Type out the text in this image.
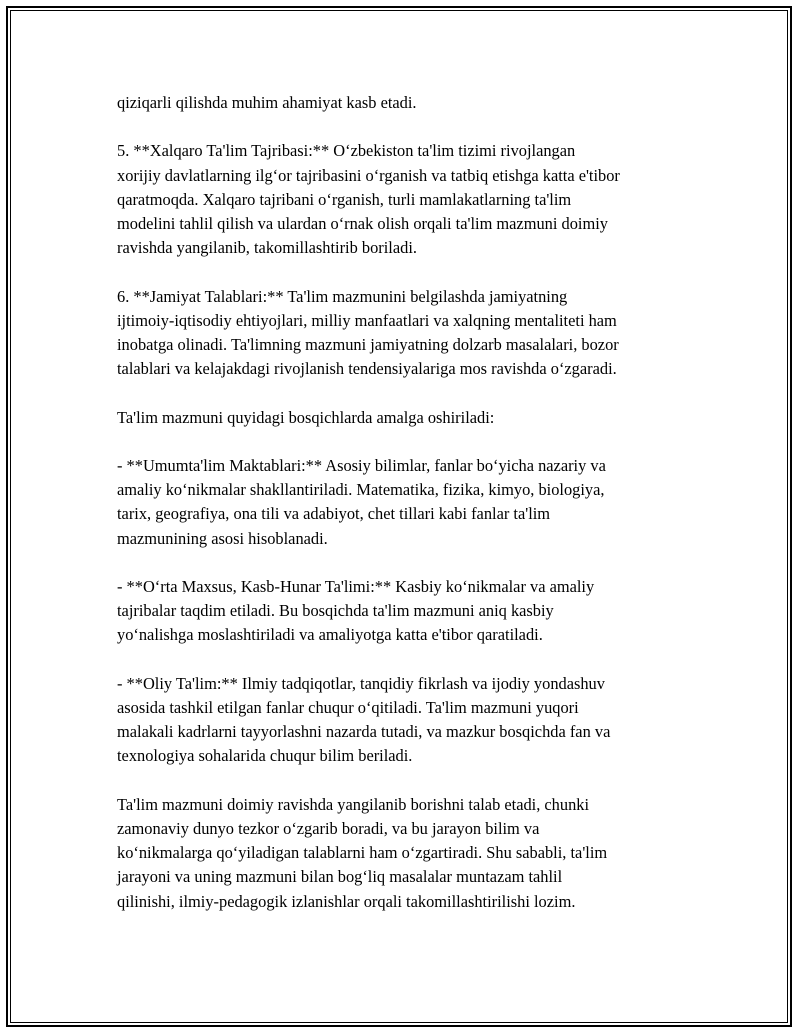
qiziqarli qilishda muhim ahamiyat kasb etadi.

5. **Xalqaro Ta'lim Tajribasi:** O‘zbekiston ta'lim tizimi rivojlangan
xorijiy davlatlarning ilg‘or tajribasini o‘rganish va tatbiq etishga katta e'tibor
qaratmoqda. Xalqaro tajribani o‘rganish, turli mamlakatlarning ta'lim
modelini tahlil qilish va ulardan o‘rnak olish orqali ta'lim mazmuni doimiy
ravishda yangilanib, takomillashtirib boriladi.

6. **Jamiyat Talablari:** Ta'lim mazmunini belgilashda jamiyatning
ijtimoiy-iqtisodiy ehtiyojlari, milliy manfaatlari va xalqning mentaliteti ham
inobatga olinadi. Ta'limning mazmuni jamiyatning dolzarb masalalari, bozor
talablari va kelajakdagi rivojlanish tendensiyalariga mos ravishda o‘zgaradi.

Ta'lim mazmuni quyidagi bosqichlarda amalga oshiriladi:

- **Umumta'lim Maktablari:** Asosiy bilimlar, fanlar bo‘yicha nazariy va
amaliy ko‘nikmalar shakllantiriladi. Matematika, fizika, kimyo, biologiya,
tarix, geografiya, ona tili va adabiyot, chet tillari kabi fanlar ta'lim
mazmunining asosi hisoblanadi.

- **O‘rta Maxsus, Kasb-Hunar Ta'limi:** Kasbiy ko‘nikmalar va amaliy
tajribalar taqdim etiladi. Bu bosqichda ta'lim mazmuni aniq kasbiy
yo‘nalishga moslashtiriladi va amaliyotga katta e'tibor qaratiladi.

- **Oliy Ta'lim:** Ilmiy tadqiqotlar, tanqidiy fikrlash va ijodiy yondashuv
asosida tashkil etilgan fanlar chuqur o‘qitiladi. Ta'lim mazmuni yuqori
malakali kadrlarni tayyorlashni nazarda tutadi, va mazkur bosqichda fan va
texnologiya sohalarida chuqur bilim beriladi.

Ta'lim mazmuni doimiy ravishda yangilanib borishni talab etadi, chunki
zamonaviy dunyo tezkor o‘zgarib boradi, va bu jarayon bilim va
ko‘nikmalarga qo‘yiladigan talablarni ham o‘zgartiradi. Shu sababli, ta'lim
jarayoni va uning mazmuni bilan bog‘liq masalalar muntazam tahlil
qilinishi, ilmiy-pedagogik izlanishlar orqali takomillashtirilishi lozim.
